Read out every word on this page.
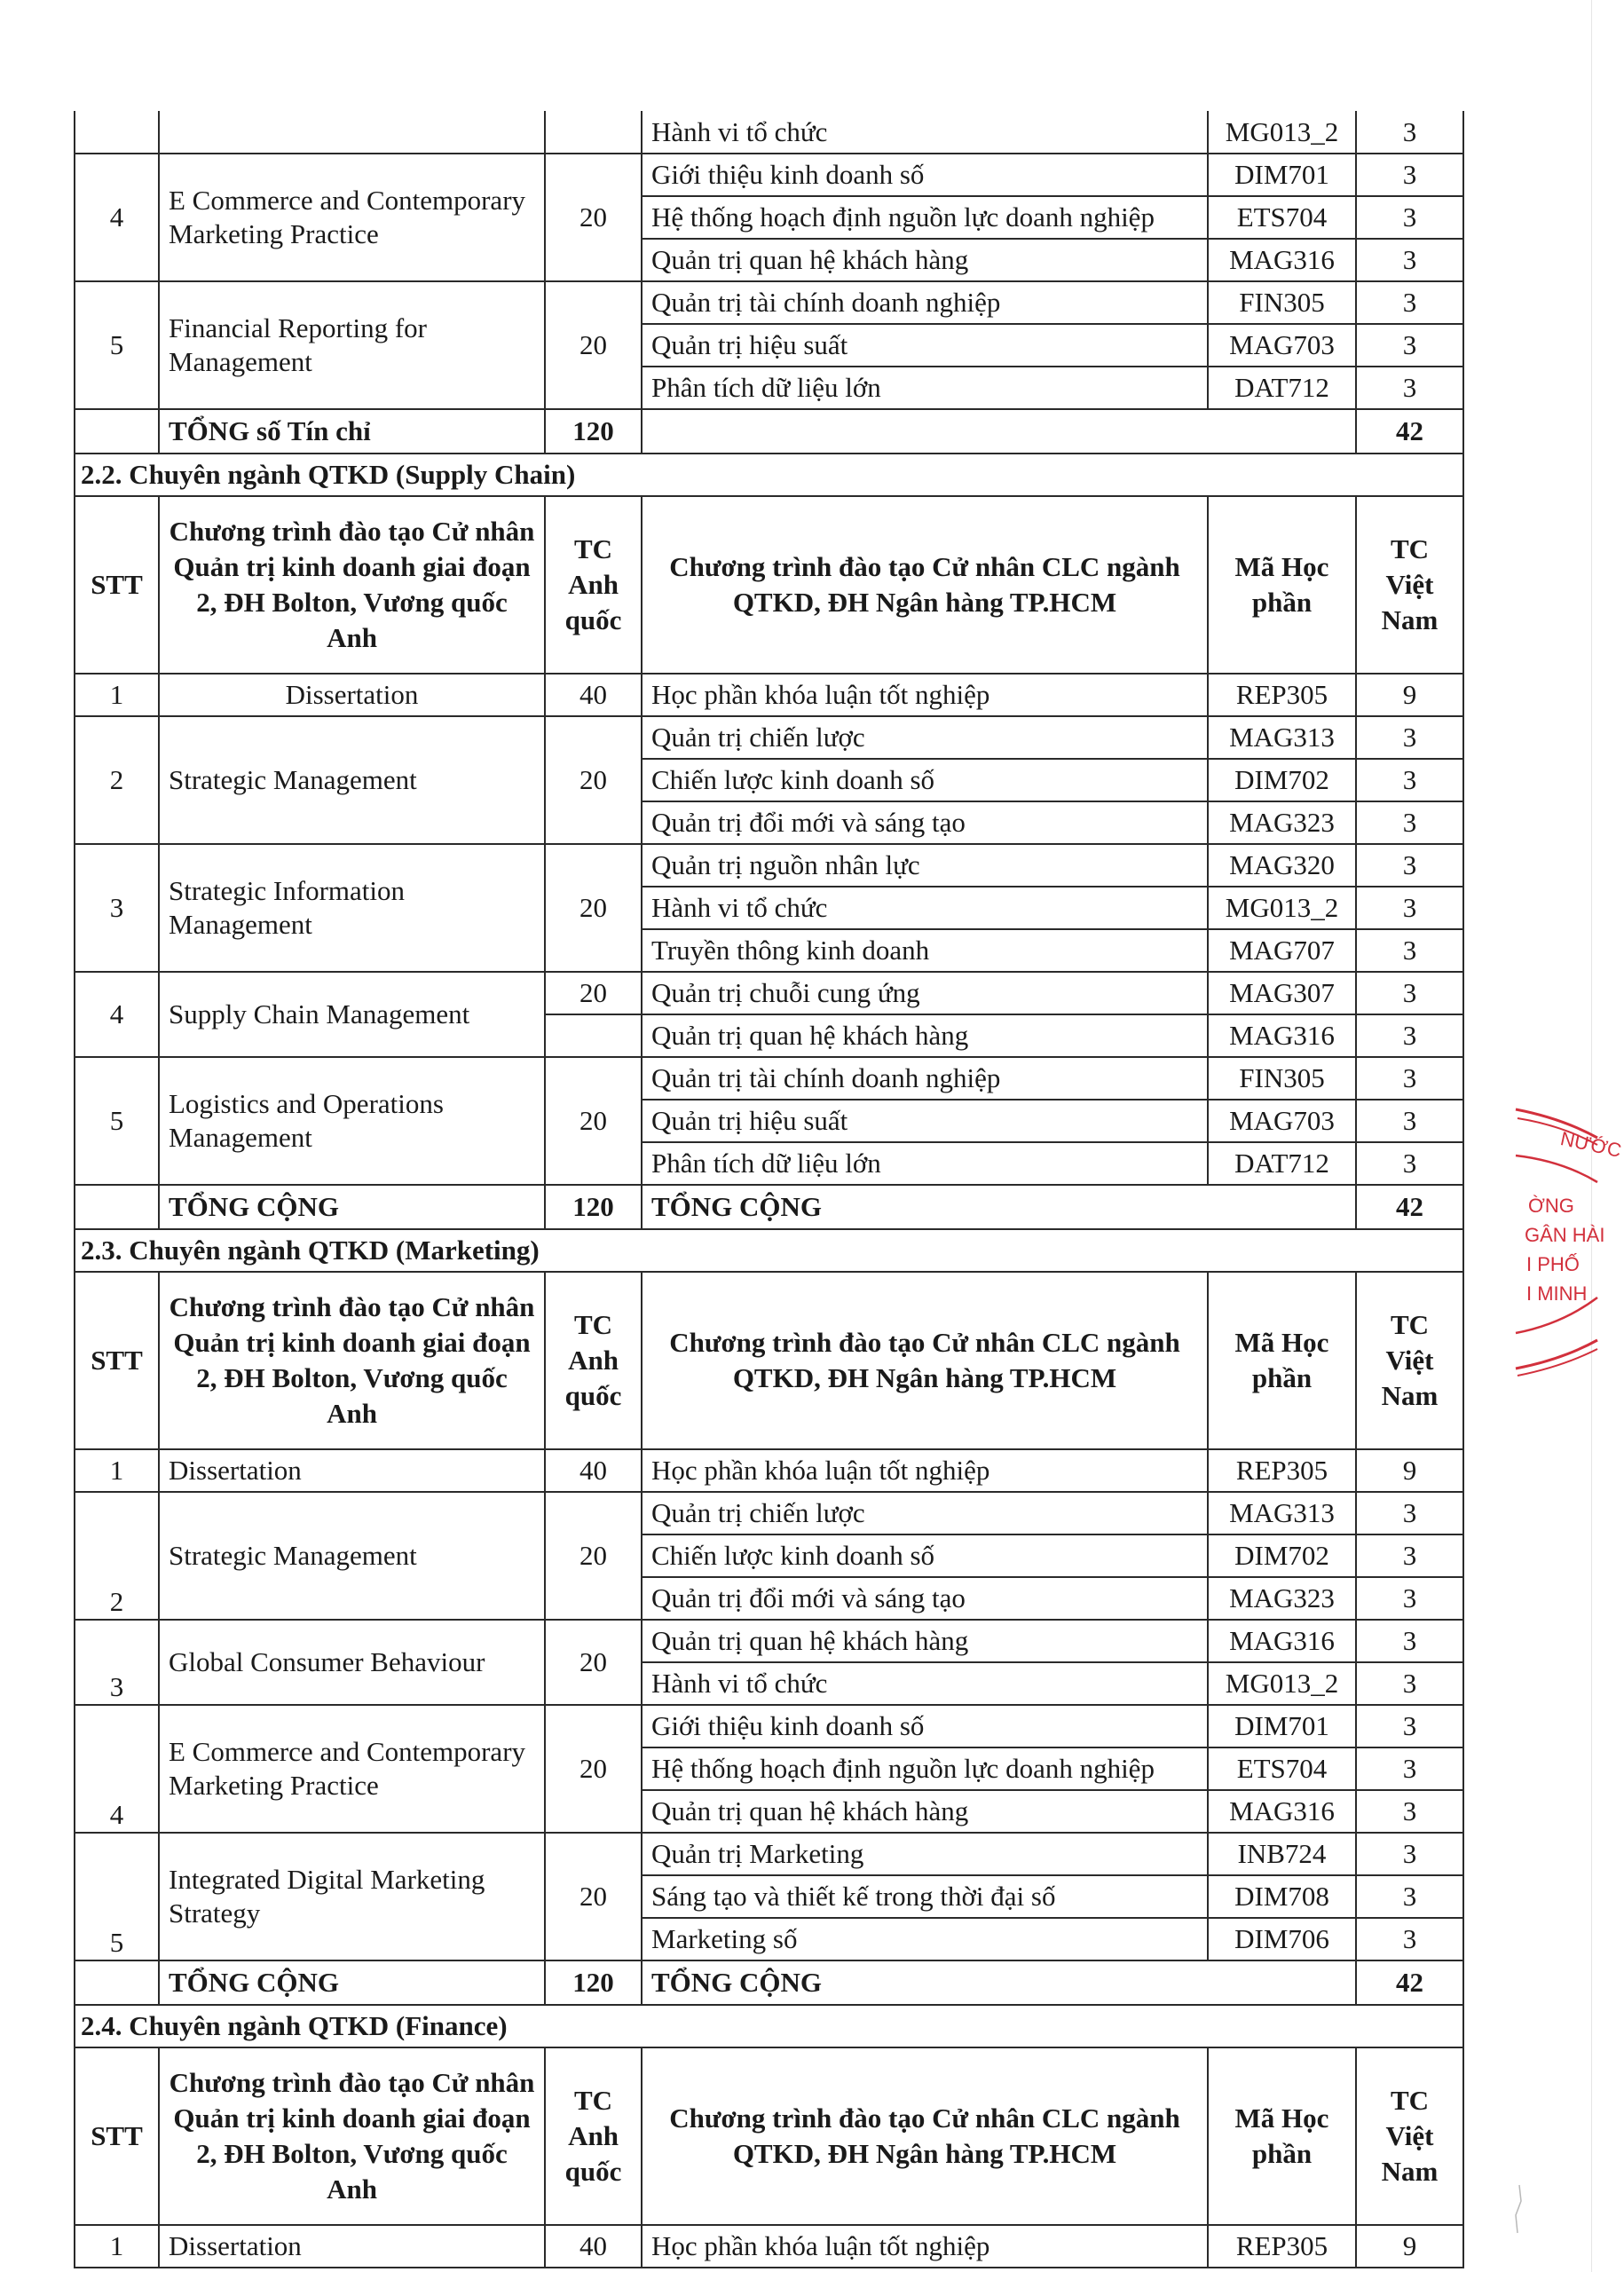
			Hành vi tổ chức	MG013_2	3
4	E Commerce and Contemporary Marketing Practice	20	Giới thiệu kinh doanh số	DIM701	3
			Hệ thống hoạch định nguồn lực doanh nghiệp	ETS704	3
			Quản trị quan hệ khách hàng	MAG316	3
5	Financial Reporting for Management	20	Quản trị tài chính doanh nghiệp	FIN305	3
			Quản trị hiệu suất	MAG703	3
			Phân tích dữ liệu lớn	DAT712	3
	TỔNG số Tín chỉ	120			42
2.2. Chuyên ngành QTKD (Supply Chain)					
STT	Chương trình đào tạo Cử nhân Quản trị kinh doanh giai đoạn 2, ĐH Bolton, Vương quốc Anh	TC Anh quốc	Chương trình đào tạo Cử nhân CLC ngành QTKD, ĐH Ngân hàng TP.HCM	Mã Học phần	TC Việt Nam
1	Dissertation	40	Học phần khóa luận tốt nghiệp	REP305	9
2	Strategic Management	20	Quản trị chiến lược	MAG313	3
			Chiến lược kinh doanh số	DIM702	3
			Quản trị đổi mới và sáng tạo	MAG323	3
3	Strategic Information Management	20	Quản trị nguồn nhân lực	MAG320	3
			Hành vi tổ chức	MG013_2	3
			Truyền thông kinh doanh	MAG707	3
4	Supply Chain Management	20	Quản trị chuỗi cung ứng	MAG307	3
			Quản trị quan hệ khách hàng	MAG316	3
5	Logistics and Operations Management	20	Quản trị tài chính doanh nghiệp	FIN305	3
			Quản trị hiệu suất	MAG703	3
			Phân tích dữ liệu lớn	DAT712	3
	TỔNG CỘNG	120	TỔNG CỘNG		42
2.3. Chuyên ngành QTKD (Marketing)					
STT	Chương trình đào tạo Cử nhân Quản trị kinh doanh giai đoạn 2, ĐH Bolton, Vương quốc Anh	TC Anh quốc	Chương trình đào tạo Cử nhân CLC ngành QTKD, ĐH Ngân hàng TP.HCM	Mã Học phần	TC Việt Nam
1	Dissertation	40	Học phần khóa luận tốt nghiệp	REP305	9
2	Strategic Management	20	Quản trị chiến lược	MAG313	3
			Chiến lược kinh doanh số	DIM702	3
			Quản trị đổi mới và sáng tạo	MAG323	3
3	Global Consumer Behaviour	20	Quản trị quan hệ khách hàng	MAG316	3
			Hành vi tổ chức	MG013_2	3
4	E Commerce and Contemporary Marketing Practice	20	Giới thiệu kinh doanh số	DIM701	3
			Hệ thống hoạch định nguồn lực doanh nghiệp	ETS704	3
			Quản trị quan hệ khách hàng	MAG316	3
5	Integrated Digital Marketing Strategy	20	Quản trị Marketing	INB724	3
			Sáng tạo và thiết kế trong thời đại số	DIM708	3
			Marketing số	DIM706	3
	TỔNG CỘNG	120	TỔNG CỘNG		42
2.4. Chuyên ngành QTKD (Finance)					
STT	Chương trình đào tạo Cử nhân Quản trị kinh doanh giai đoạn 2, ĐH Bolton, Vương quốc Anh	TC Anh quốc	Chương trình đào tạo Cử nhân CLC ngành QTKD, ĐH Ngân hàng TP.HCM	Mã Học phần	TC Việt Nam
1	Dissertation	40	Học phần khóa luận tốt nghiệp	REP305	9
NƯỚC
ỜNG
GÂN HÀI
I PHỐ
I MINH
